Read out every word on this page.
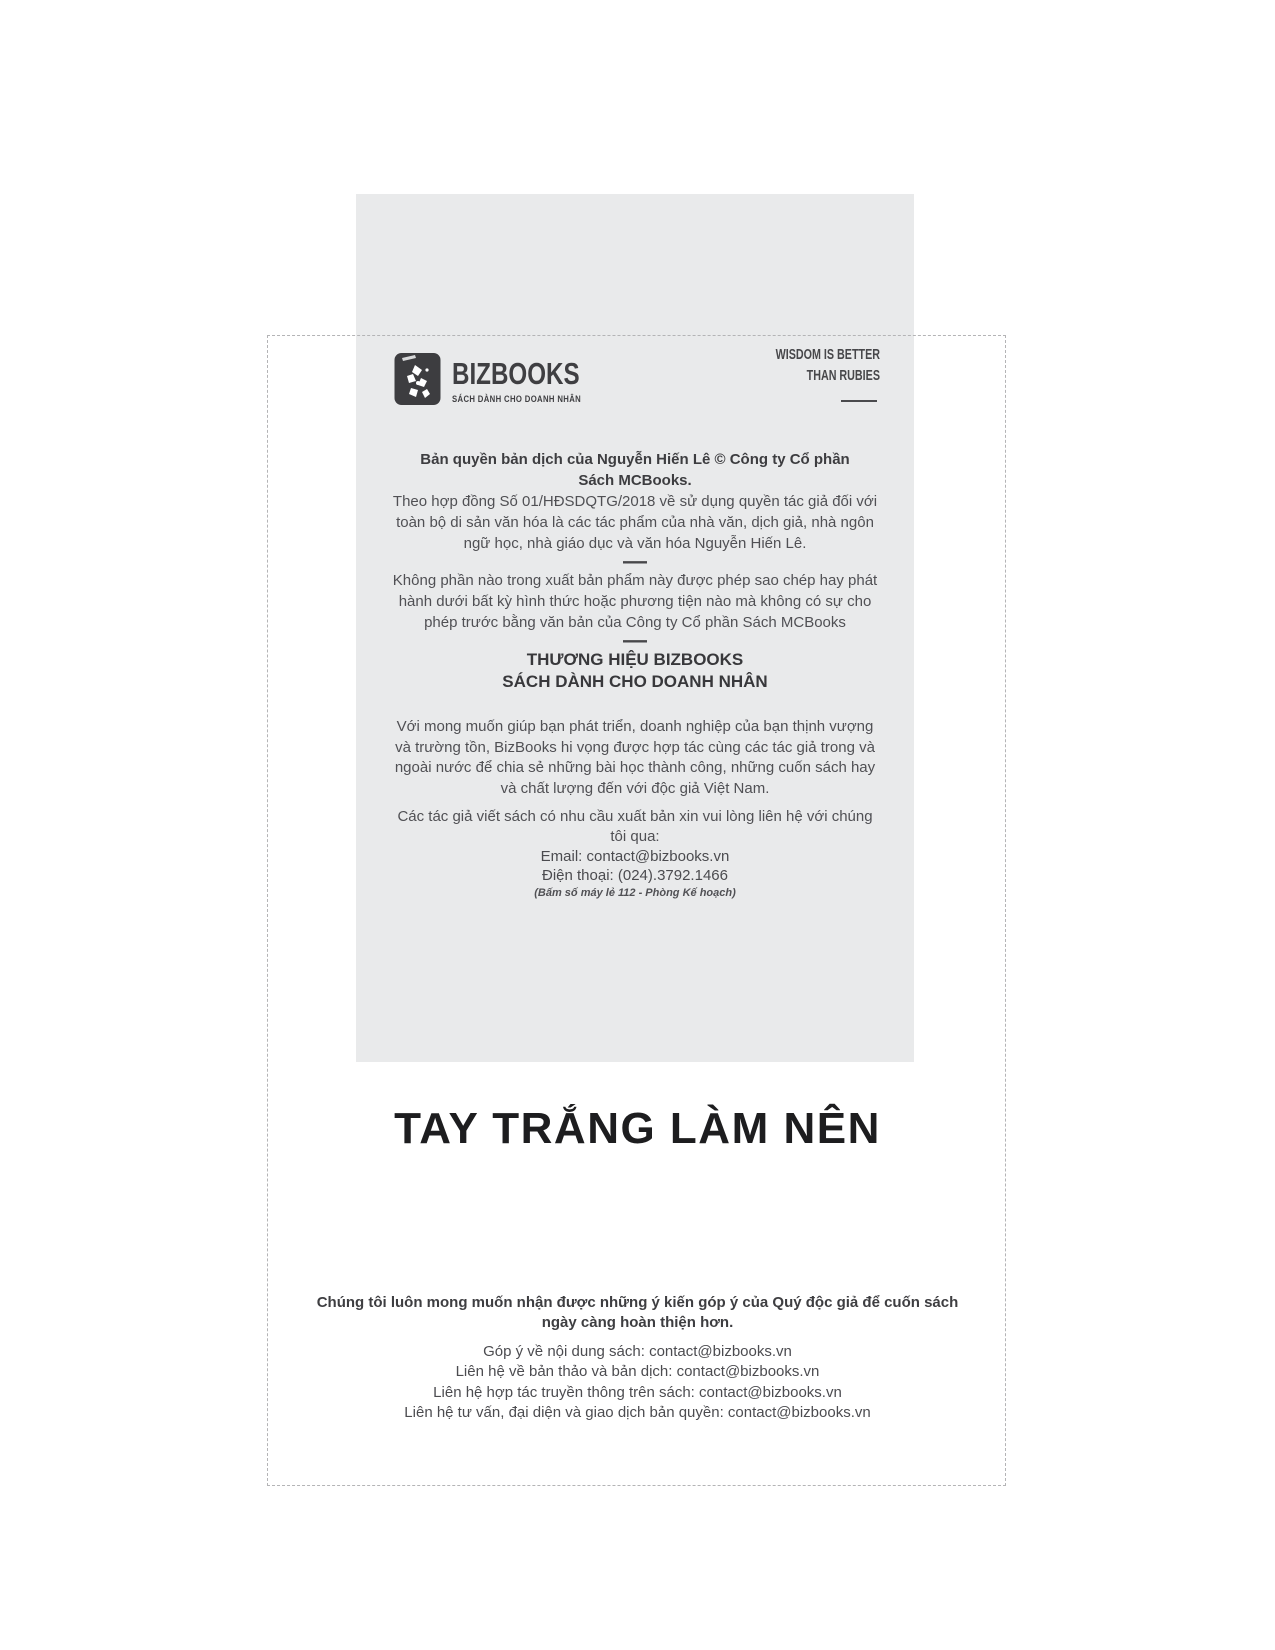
BIZBOOKS
SÁCH DÀNH CHO DOANH NHÂN
WISDOM IS BETTER
THAN RUBIES

Bản quyền bản dịch của Nguyễn Hiến Lê © Công ty Cổ phần Sách MCBooks.

Theo hợp đồng Số 01/HĐSDQTG/2018 về sử dụng quyền tác giả đối với toàn bộ di sản văn hóa là các tác phẩm của nhà văn, dịch giả, nhà ngôn ngữ học, nhà giáo dục và văn hóa Nguyễn Hiến Lê.

—

Không phần nào trong xuất bản phẩm này được phép sao chép hay phát hành dưới bất kỳ hình thức hoặc phương tiện nào mà không có sự cho phép trước bằng văn bản của Công ty Cổ phần Sách MCBooks

—

THƯƠNG HIỆU BIZBOOKS

SÁCH DÀNH CHO DOANH NHÂN

Với mong muốn giúp bạn phát triển, doanh nghiệp của bạn thịnh vượng và trường tồn, BizBooks hi vọng được hợp tác cùng các tác giả trong và ngoài nước để chia sẻ những bài học thành công, những cuốn sách hay và chất lượng đến với độc giả Việt Nam.

Các tác giả viết sách có nhu cầu xuất bản xin vui lòng liên hệ với chúng tôi qua:

Email: contact@bizbooks.vn

Điện thoại: (024).3792.1466

(Bấm số máy lẻ 112 - Phòng Kế hoạch)

TAY TRẮNG LÀM NÊN

Chúng tôi luôn mong muốn nhận được những ý kiến góp ý của Quý độc giả để cuốn sách

ngày càng hoàn thiện hơn.

Góp ý về nội dung sách: contact@bizbooks.vn

Liên hệ về bản thảo và bản dịch: contact@bizbooks.vn

Liên hệ hợp tác truyền thông trên sách: contact@bizbooks.vn

Liên hệ tư vấn, đại diện và giao dịch bản quyền: contact@bizbooks.vn
